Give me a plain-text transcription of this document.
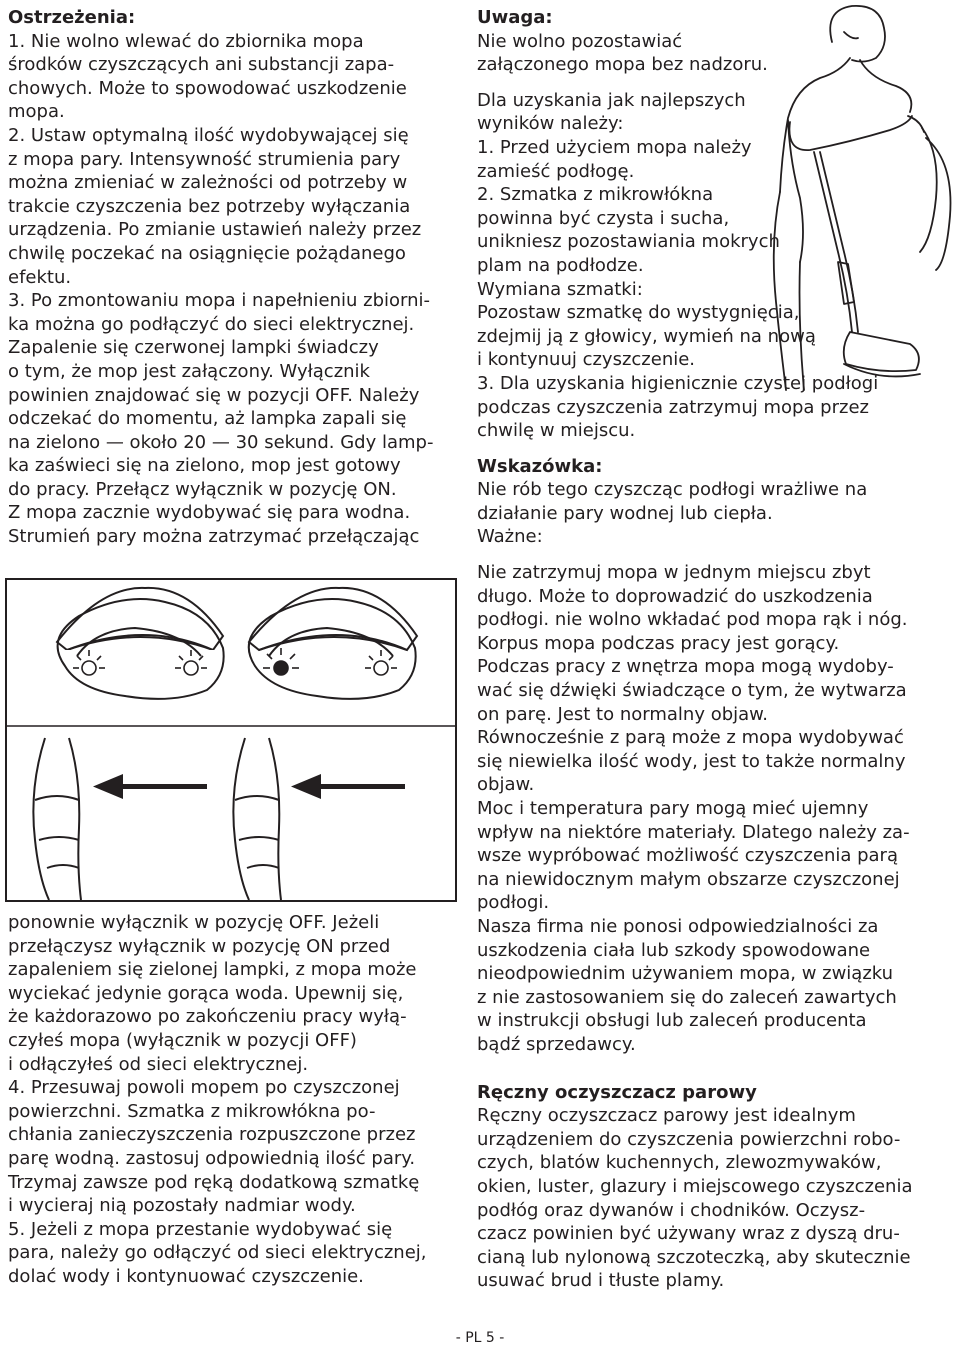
Ostrzeżenia:
1. Nie wolno wlewać do zbiornika mopa
środków czyszczących ani substancji zapa-
chowych. Może to spowodować uszkodzenie
mopa.
2. Ustaw optymalną ilość wydobywającej się
z mopa pary. Intensywność strumienia pary
można zmieniać w zależności od potrzeby w
trakcie czyszczenia bez potrzeby wyłączania
urządzenia. Po zmianie ustawień należy przez
chwilę poczekać na osiągnięcie pożądanego
efektu.
3. Po zmontowaniu mopa i napełnieniu zbiorni-
ka można go podłączyć do sieci elektrycznej.
Zapalenie się czerwonej lampki świadczy
o tym, że mop jest załączony. Wyłącznik
powinien znajdować się w pozycji OFF. Należy
odczekać do momentu, aż lampka zapali się
na zielono — około 20 — 30 sekund. Gdy lamp-
ka zaświeci się na zielono, mop jest gotowy
do pracy. Przełącz wyłącznik w pozycję ON.
Z mopa zacznie wydobywać się para wodna.
Strumień pary można zatrzymać przełączając
ponownie wyłącznik w pozycję OFF. Jeżeli
przełączysz wyłącznik w pozycję ON przed
zapaleniem się zielonej lampki, z mopa może
wyciekać jedynie gorąca woda. Upewnij się,
że każdorazowo po zakończeniu pracy wyłą-
czyłeś mopa (wyłącznik w pozycji OFF)
i odłączyłeś od sieci elektrycznej.
4. Przesuwaj powoli mopem po czyszczonej
powierzchni. Szmatka z mikrowłókna po-
chłania zanieczyszczenia rozpuszczone przez
parę wodną. zastosuj odpowiednią ilość pary.
Trzymaj zawsze pod ręką dodatkową szmatkę
i wycieraj nią pozostały nadmiar wody.
5. Jeżeli z mopa przestanie wydobywać się
para, należy go odłączyć od sieci elektrycznej,
dolać wody i kontynuować czyszczenie.
Uwaga:
Nie wolno pozostawiać
załączonego mopa bez nadzoru.
Dla uzyskania jak najlepszych
wyników należy:
1. Przed użyciem mopa należy
zamieść podłogę.
2. Szmatka z mikrowłókna
powinna być czysta i sucha,
unikniesz pozostawiania mokrych
plam na podłodze.
Wymiana szmatki:
Pozostaw szmatkę do wystygnięcia,
zdejmij ją z głowicy, wymień na nową
i kontynuuj czyszczenie.
3. Dla uzyskania higienicznie czystej podłogi
podczas czyszczenia zatrzymuj mopa przez
chwilę w miejscu.
Wskazówka:
Nie rób tego czyszcząc podłogi wrażliwe na
działanie pary wodnej lub ciepła.
Ważne:
Nie zatrzymuj mopa w jednym miejscu zbyt
długo. Może to doprowadzić do uszkodzenia
podłogi. nie wolno wkładać pod mopa rąk i nóg.
Korpus mopa podczas pracy jest gorący.
Podczas pracy z wnętrza mopa mogą wydoby-
wać się dźwięki świadczące o tym, że wytwarza
on parę. Jest to normalny objaw.
Równocześnie z parą może z mopa wydobywać
się niewielka ilość wody, jest to także normalny
objaw.
Moc i temperatura pary mogą mieć ujemny
wpływ na niektóre materiały. Dlatego należy za-
wsze wypróbować możliwość czyszczenia parą
na niewidocznym małym obszarze czyszczonej
podłogi.
Nasza firma nie ponosi odpowiedzialności za
uszkodzenia ciała lub szkody spowodowane
nieodpowiednim używaniem mopa, w związku
z nie zastosowaniem się do zaleceń zawartych
w instrukcji obsługi lub zaleceń producenta
bądź sprzedawcy.
Ręczny oczyszczacz parowy
Ręczny oczyszczacz parowy jest idealnym
urządzeniem do czyszczenia powierzchni robo-
czych, blatów kuchennych, zlewozmywaków,
okien, luster, glazury i miejscowego czyszczenia
podłóg oraz dywanów i chodników. Oczysz-
czacz powinien być używany wraz z dyszą dru-
cianą lub nylonową szczoteczką, aby skutecznie
usuwać brud i tłuste plamy.
- PL 5 -
